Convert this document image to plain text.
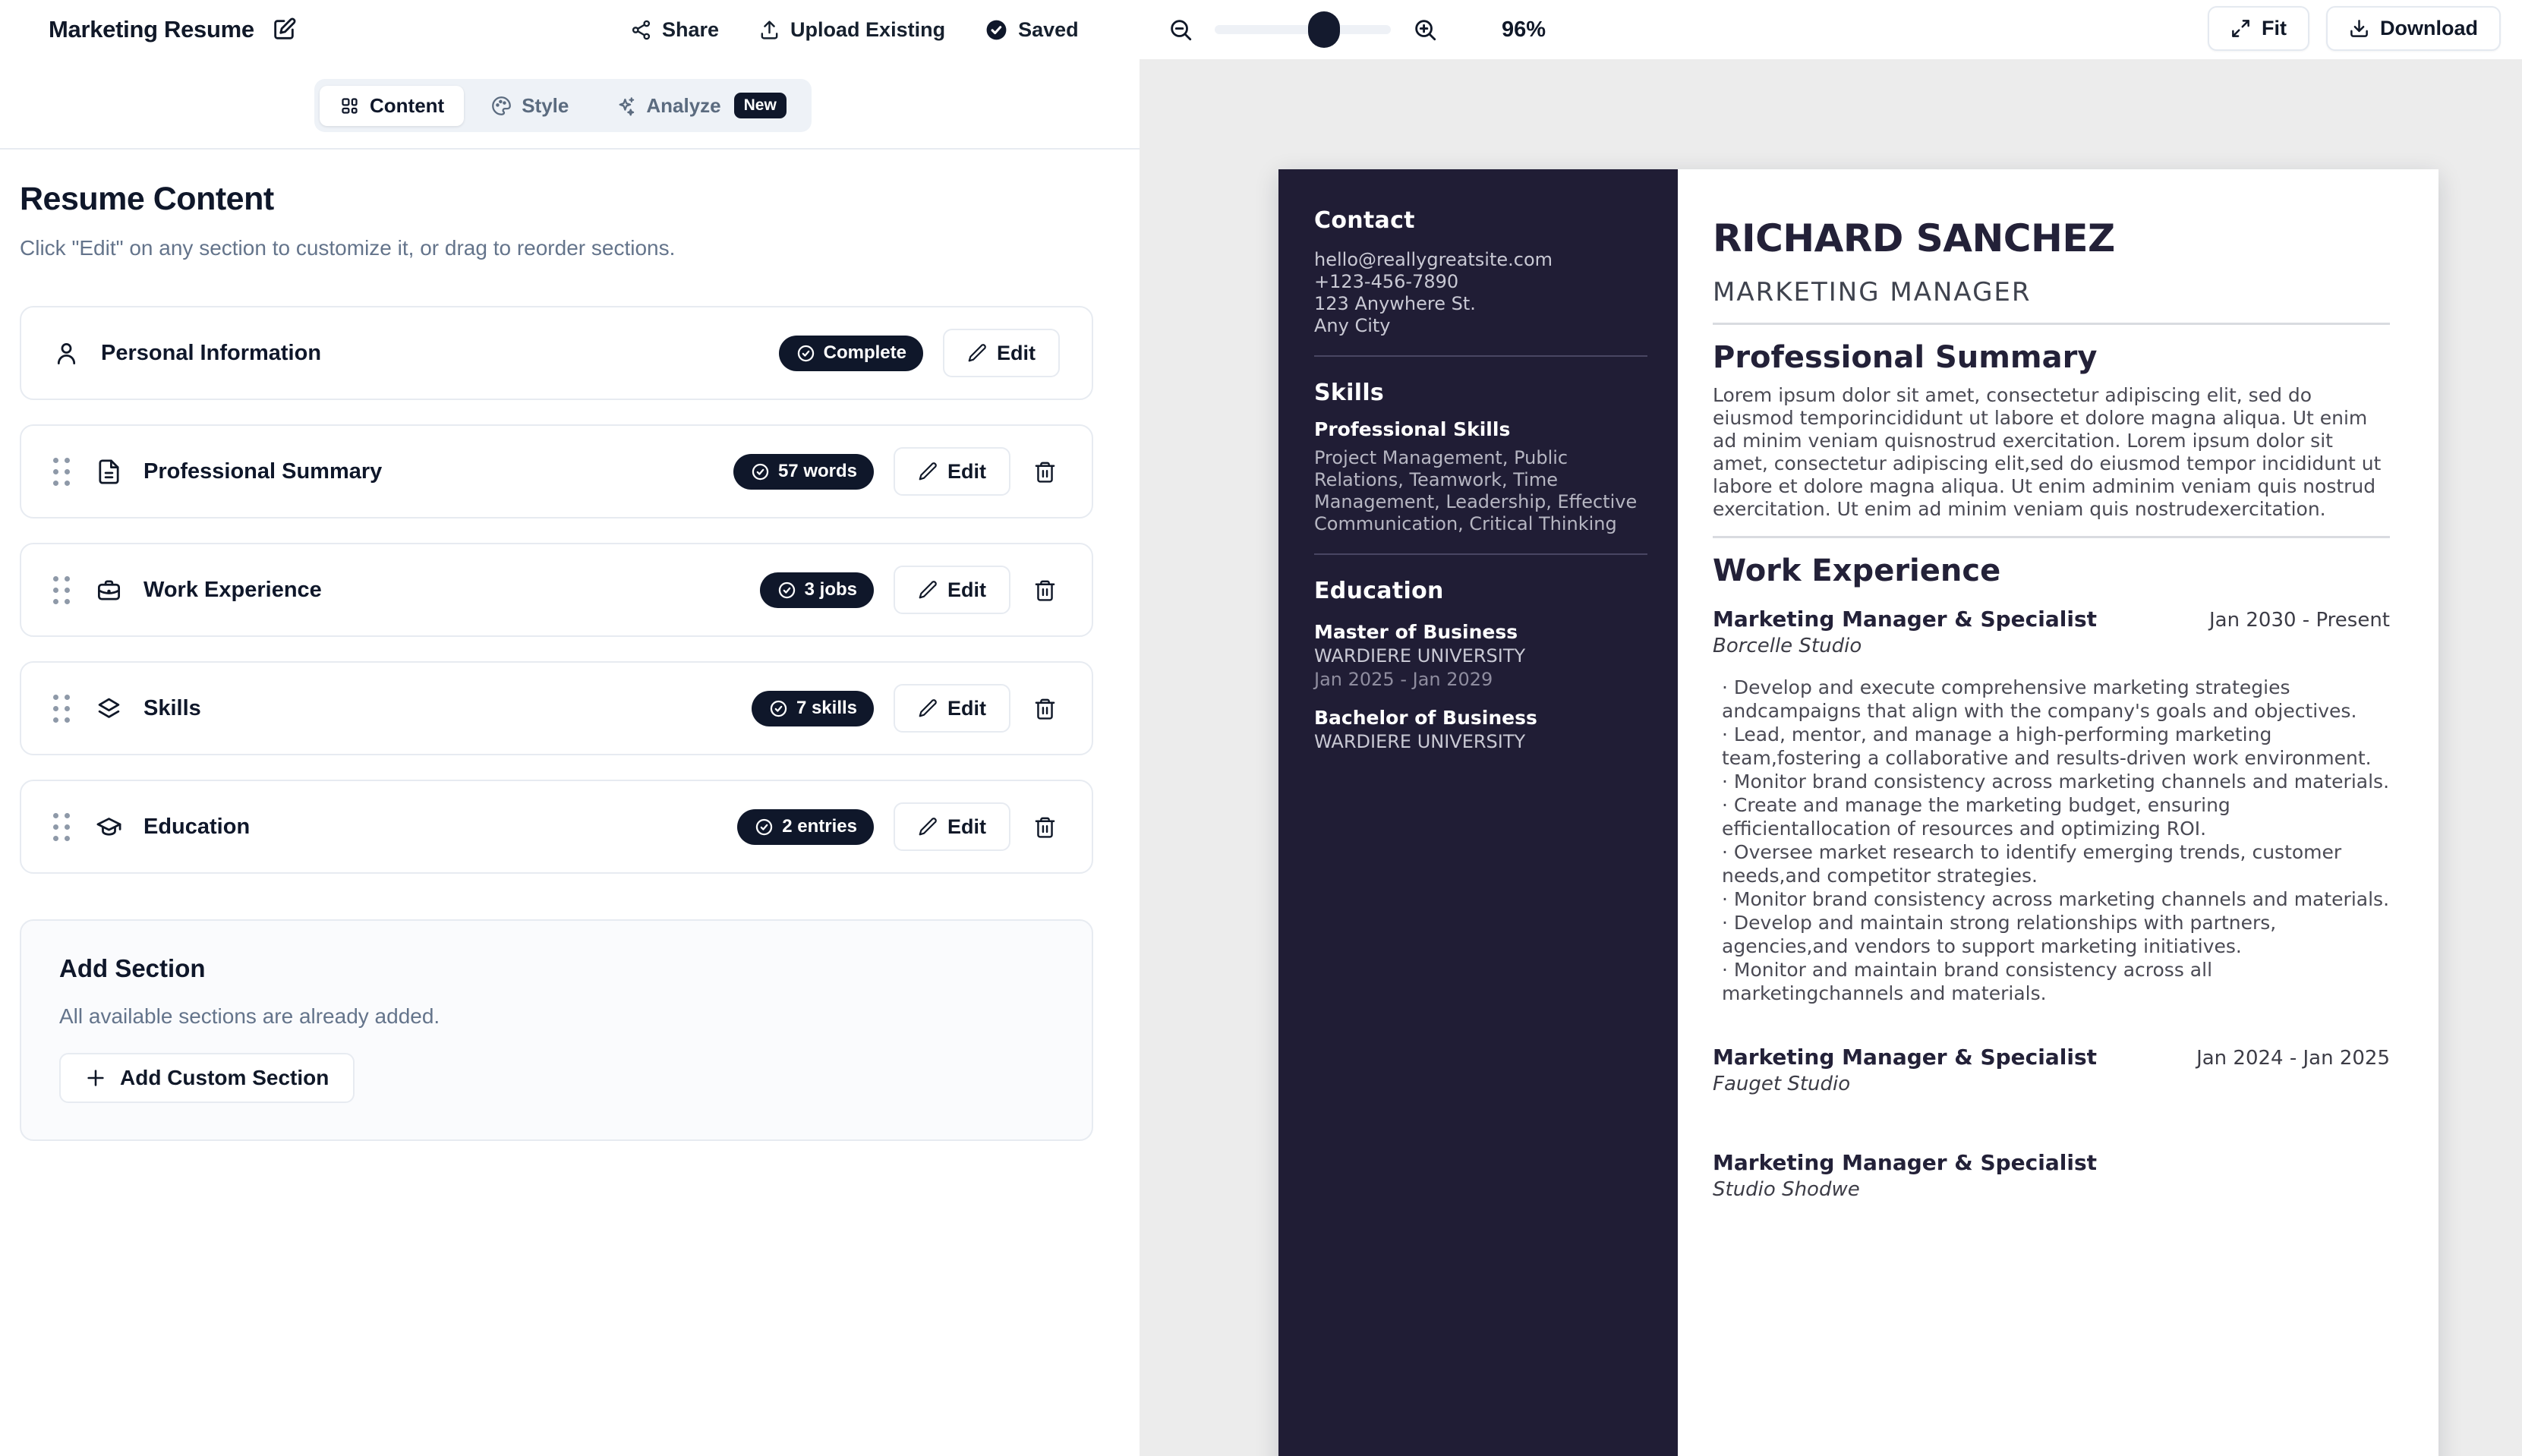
Marketing Resume	Share	Upload Existing	Saved	96%	Fit	Download
Content	Style	Analyze	New
Resume Content

Click "Edit" on any section to customize it, or drag to reorder sections.

Personal Information	Complete	Edit
Professional Summary	57 words	Edit
Work Experience	3 jobs	Edit
Skills	7 skills	Edit
Education	2 entries	Edit
Add Section

All available sections are already added.

Add Custom Section
Contact
hello@reallygreatsite.com
+123-456-7890
123 Anywhere St.
Any City
Skills
Professional Skills

Project Management, Public Relations, Teamwork, Time Management, Leadership, Effective Communication, Critical Thinking

Education
Master of Business
WARDIERE UNIVERSITY
Jan 2025 - Jan 2029
Bachelor of Business
WARDIERE UNIVERSITY
RICHARD SANCHEZ
MARKETING MANAGER
Professional Summary

Lorem ipsum dolor sit amet, consectetur adipiscing elit, sed do eiusmod temporincididunt ut labore et dolore magna aliqua. Ut enim ad minim veniam quisnostrud exercitation. Lorem ipsum dolor sit amet, consectetur adipiscing elit,sed do eiusmod tempor incididunt ut labore et dolore magna aliqua. Ut enim adminim veniam quis nostrud exercitation. Ut enim ad minim veniam quis nostrudexercitation.

Work Experience
Marketing Manager & Specialist	Jan 2030 - Present
Borcelle Studio
· Develop and execute comprehensive marketing strategies andcampaigns that align with the company's goals and objectives.
· Lead, mentor, and manage a high-performing marketing team,fostering a collaborative and results-driven work environment.
· Monitor brand consistency across marketing channels and materials.
· Create and manage the marketing budget, ensuring efficientallocation of resources and optimizing ROI.
· Oversee market research to identify emerging trends, customer needs,and competitor strategies.
· Monitor brand consistency across marketing channels and materials.
· Develop and maintain strong relationships with partners, agencies,and vendors to support marketing initiatives.
· Monitor and maintain brand consistency across all marketingchannels and materials.
Marketing Manager & Specialist	Jan 2024 - Jan 2025
Fauget Studio
Marketing Manager & Specialist
Studio Shodwe
